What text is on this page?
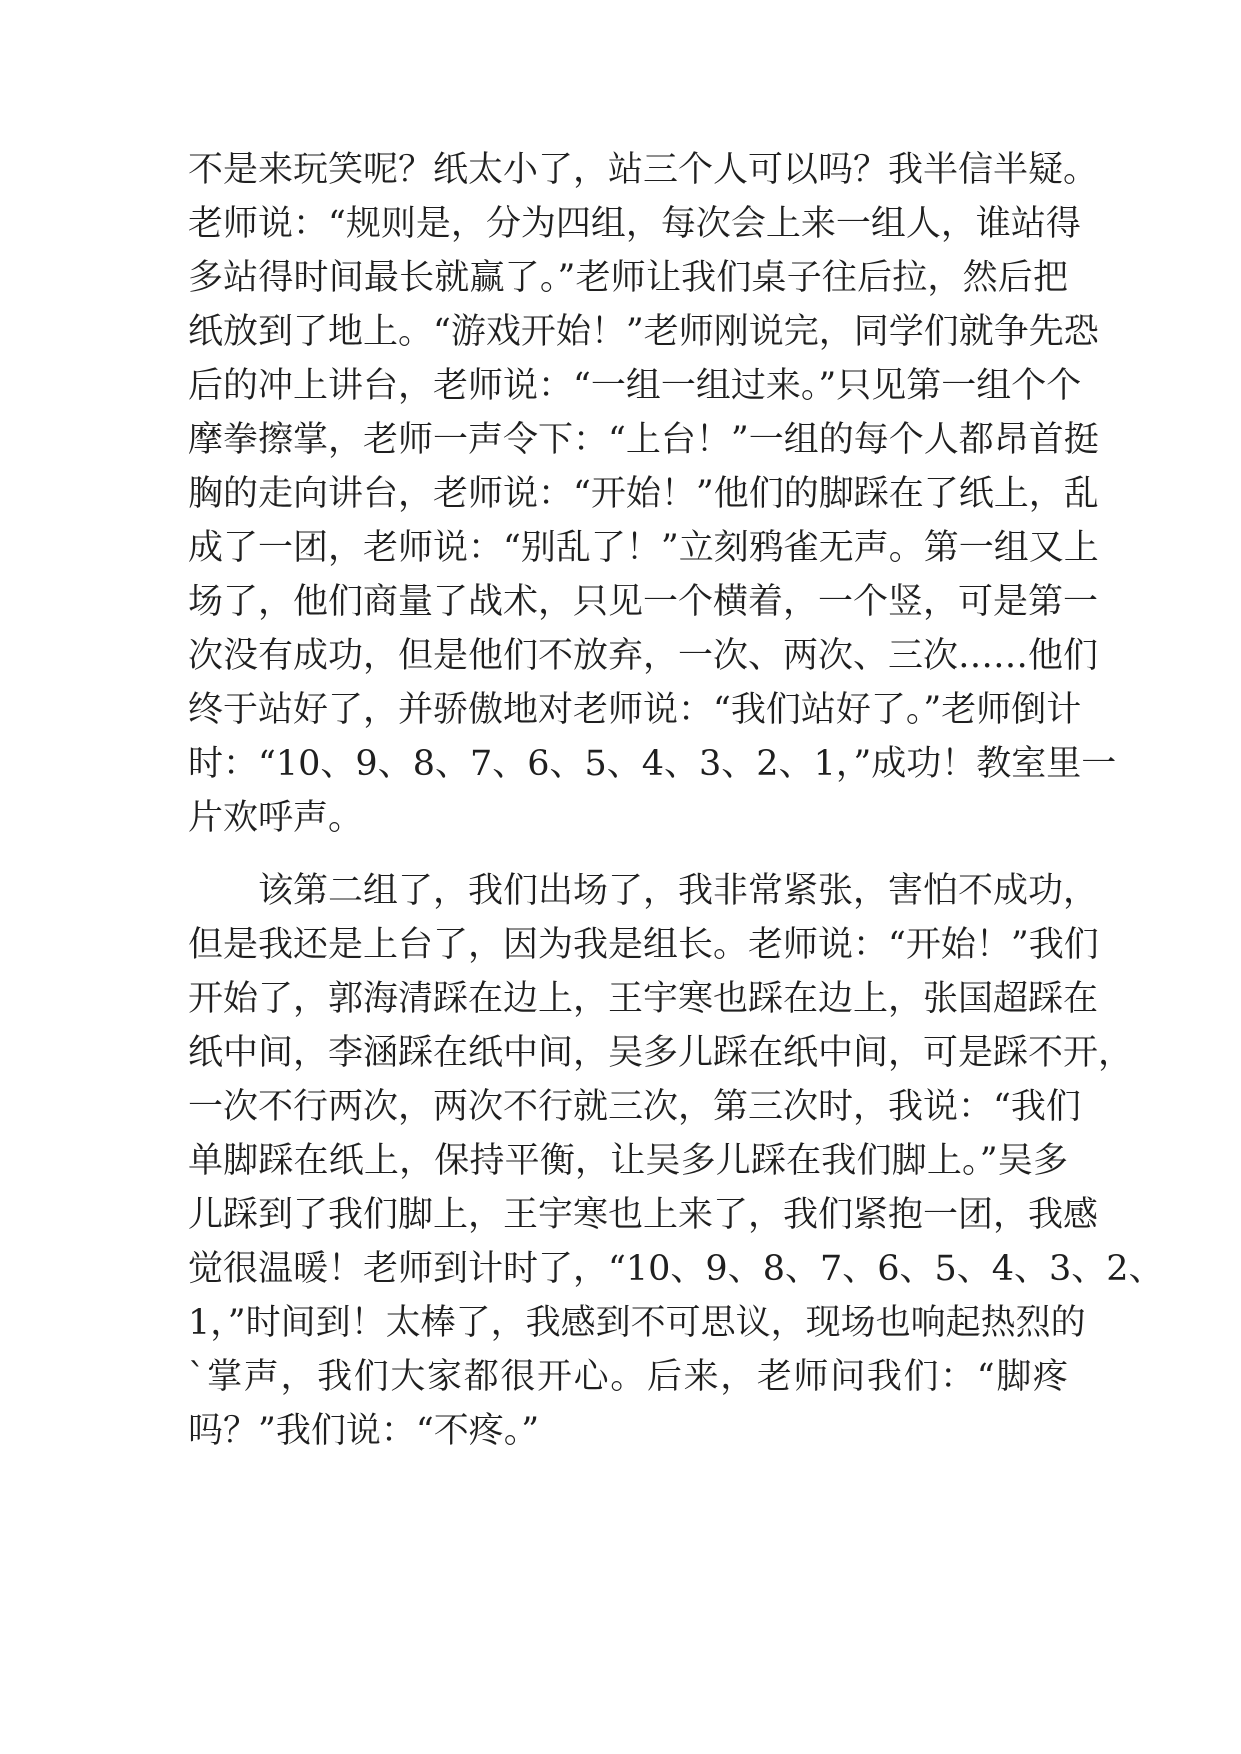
不是来玩笑呢？纸太小了，站三个人可以吗？我半信半疑。
老师说：“规则是，分为四组，每次会上来一组人，谁站得
多站得时间最长就赢了。”老师让我们桌子往后拉，然后把
纸放到了地上。“游戏开始！”老师刚说完，同学们就争先恐
后的冲上讲台，老师说：“一组一组过来。”只见第一组个个
摩拳擦掌，老师一声令下：“上台！”一组的每个人都昂首挺
胸的走向讲台，老师说：“开始！”他们的脚踩在了纸上，乱
成了一团，老师说：“别乱了！”立刻鸦雀无声。第一组又上
场了，他们商量了战术，只见一个横着，一个竖，可是第一
次没有成功，但是他们不放弃，一次、两次、三次……他们
终于站好了，并骄傲地对老师说：“我们站好了。”老师倒计
时：“10、9、8、7、6、5、4、3、2、1，”成功！教室里一
片欢呼声。
该第二组了，我们出场了，我非常紧张，害怕不成功，
但是我还是上台了，因为我是组长。老师说：“开始！”我们
开始了，郭海清踩在边上，王宇寒也踩在边上，张国超踩在
纸中间，李涵踩在纸中间，吴多儿踩在纸中间，可是踩不开，
一次不行两次，两次不行就三次，第三次时，我说：“我们
单脚踩在纸上，保持平衡，让吴多儿踩在我们脚上。”吴多
儿踩到了我们脚上，王宇寒也上来了，我们紧抱一团，我感
觉很温暖！老师到计时了，“10、9、8、7、6、5、4、3、2、
1，”时间到！太棒了，我感到不可思议，现场也响起热烈的
`掌声，我们大家都很开心。后来，老师问我们：“脚疼
吗？”我们说：“不疼。”
